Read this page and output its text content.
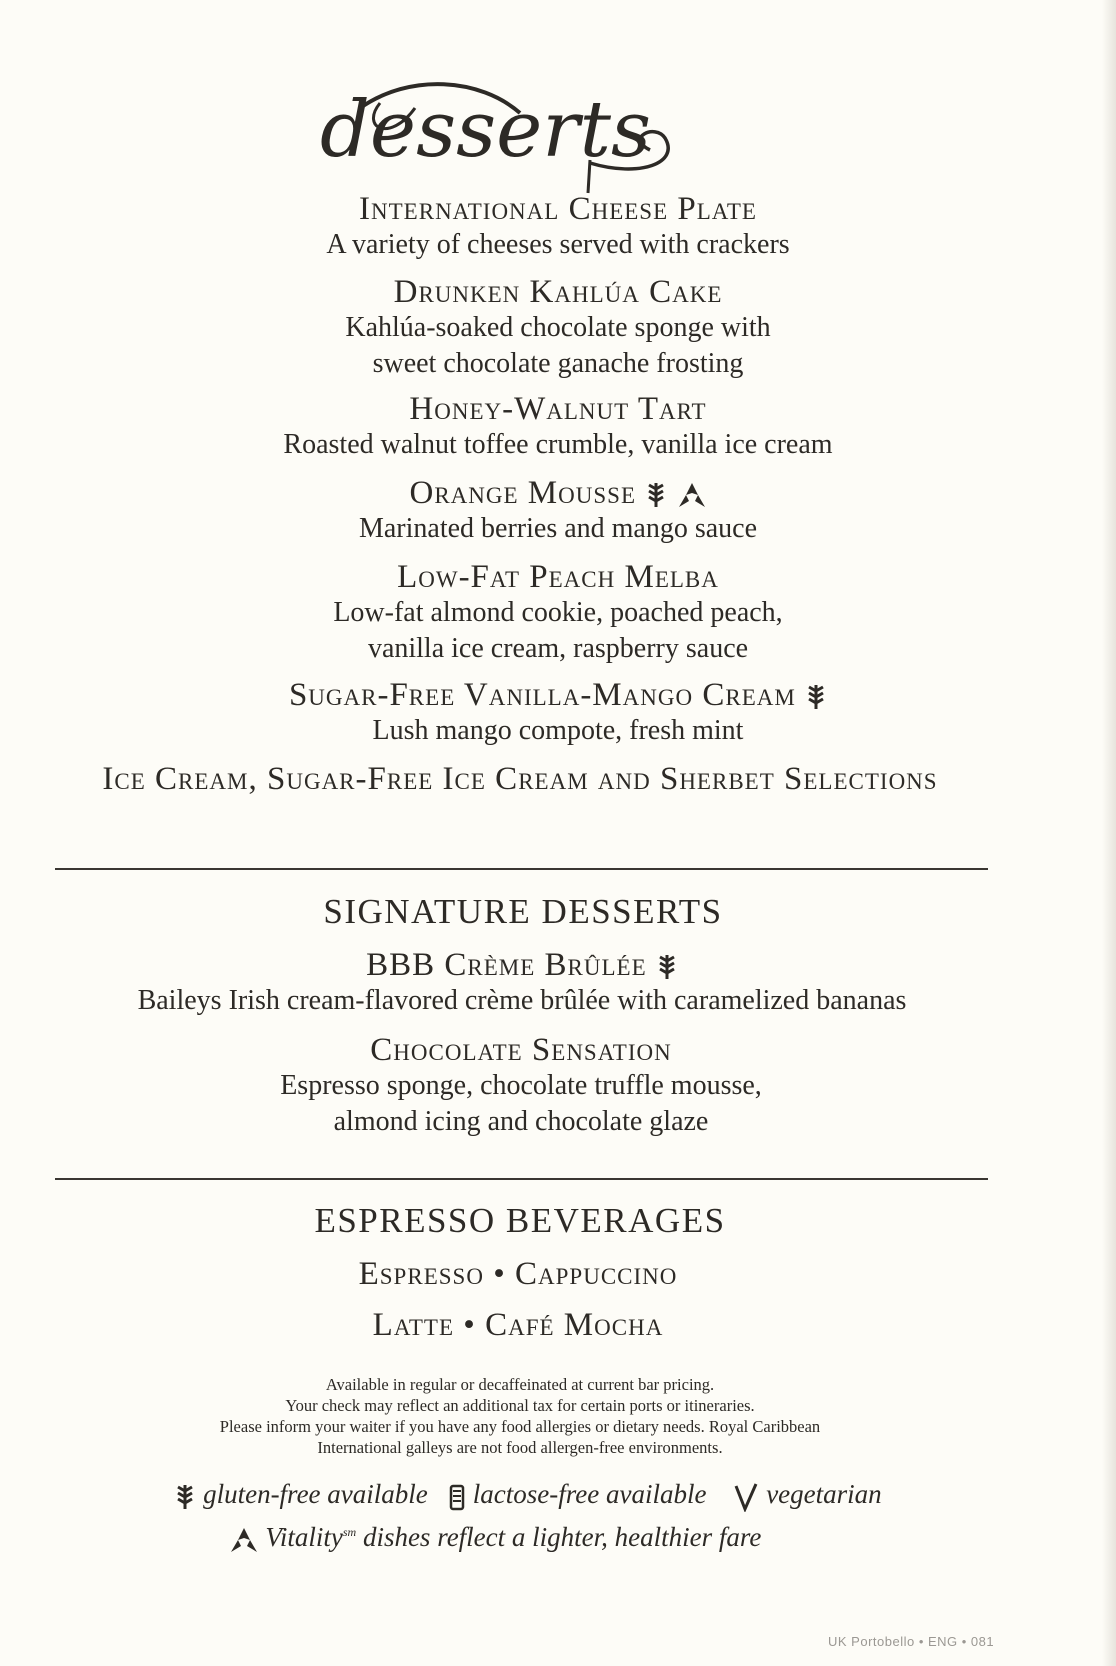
desserts
International Cheese Plate
A variety of cheeses served with crackers
Drunken Kahlúa Cake
Kahlúa-soaked chocolate sponge with
sweet chocolate ganache frosting
Honey-Walnut Tart
Roasted walnut toffee crumble, vanilla ice cream
Orange Mousse
Marinated berries and mango sauce
Low-Fat Peach Melba
Low-fat almond cookie, poached peach,
vanilla ice cream, raspberry sauce
Sugar-Free Vanilla-Mango Cream
Lush mango compote, fresh mint
Ice Cream, Sugar-Free Ice Cream and Sherbet Selections
SIGNATURE DESSERTS
BBB Crème Brûlée
Baileys Irish cream-flavored crème brûlée with caramelized bananas
Chocolate Sensation
Espresso sponge, chocolate truffle mousse,
almond icing and chocolate glaze
ESPRESSO BEVERAGES
Espresso • Cappuccino
Latte • Café Mocha
Available in regular or decaffeinated at current bar pricing.
Your check may reflect an additional tax for certain ports or itineraries.
Please inform your waiter if you have any food allergies or dietary needs. Royal Caribbean
International galleys are not food allergen-free environments.
gluten-free available lactose-free available vegetarian
Vitality$^{sm}$ dishes reflect a lighter, healthier fare
UK Portobello • ENG • 081
